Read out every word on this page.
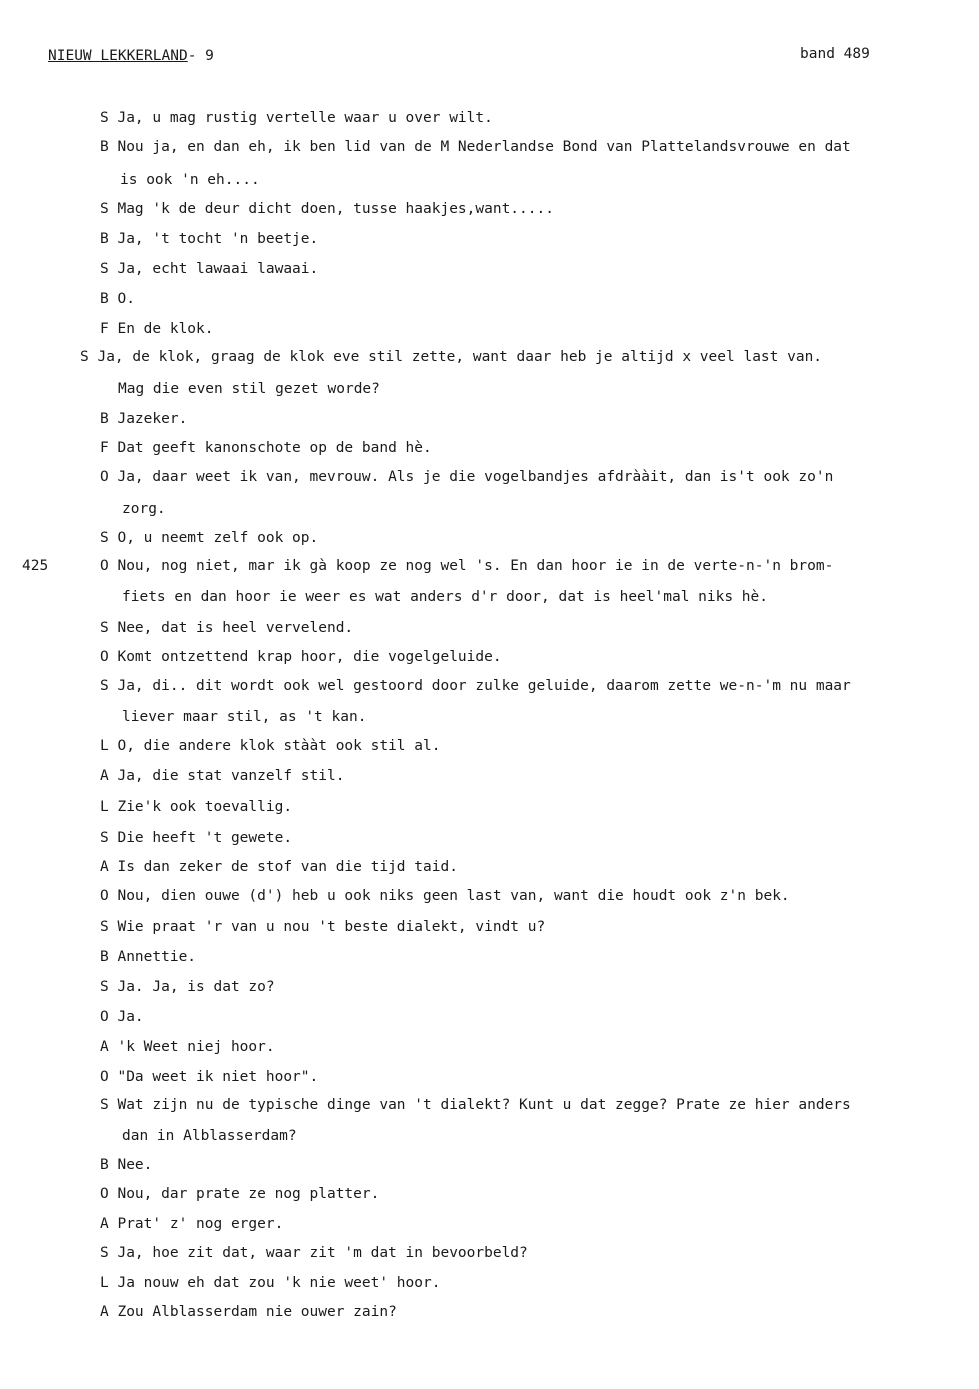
NIEUW LEKKERLAND- 9	band 489
425
S Ja, u mag rustig vertelle waar u over wilt.
B Nou ja, en dan eh, ik ben lid van de M Nederlandse Bond van Plattelandsvrouwe en dat
is ook 'n eh....
S Mag 'k de deur dicht doen, tusse haakjes,want.....
B Ja, 't tocht 'n beetje.
S Ja, echt lawaai lawaai.
B O.
F En de klok.
S Ja, de klok, graag de klok eve stil zette, want daar heb je altijd x veel last van.
Mag die even stil gezet worde?
B Jazeker.
F Dat geeft kanonschote op de band hè.
O Ja, daar weet ik van, mevrouw. Als je die vogelbandjes afdrààit, dan is't ook zo'n
zorg.
S O, u neemt zelf ook op.
O Nou, nog niet, mar ik gà koop ze nog wel 's. En dan hoor ie in de verte-n-'n brom-
fiets en dan hoor ie weer es wat anders d'r door, dat is heel'mal niks hè.
S Nee, dat is heel vervelend.
O Komt ontzettend krap hoor, die vogelgeluide.
S Ja, di.. dit wordt ook wel gestoord door zulke geluide, daarom zette we-n-'m nu maar
liever maar stil, as 't kan.
L O, die andere klok stààt ook stil al.
A Ja, die stat vanzelf stil.
L Zie'k ook toevallig.
S Die heeft 't gewete.
A Is dan zeker de stof van die tijd taid.
O Nou, dien ouwe (d') heb u ook niks geen last van, want die houdt ook z'n bek.
S Wie praat 'r van u nou 't beste dialekt, vindt u?
B Annettie.
S Ja. Ja, is dat zo?
O Ja.
A 'k Weet niej hoor.
O "Da weet ik niet hoor".
S Wat zijn nu de typische dinge van 't dialekt? Kunt u dat zegge? Prate ze hier anders
dan in Alblasserdam?
B Nee.
O Nou, dar prate ze nog platter.
A Prat' z' nog erger.
S Ja, hoe zit dat, waar zit 'm dat in bevoorbeld?
L Ja nouw eh dat zou 'k nie weet' hoor.
A Zou Alblasserdam nie ouwer zain?
